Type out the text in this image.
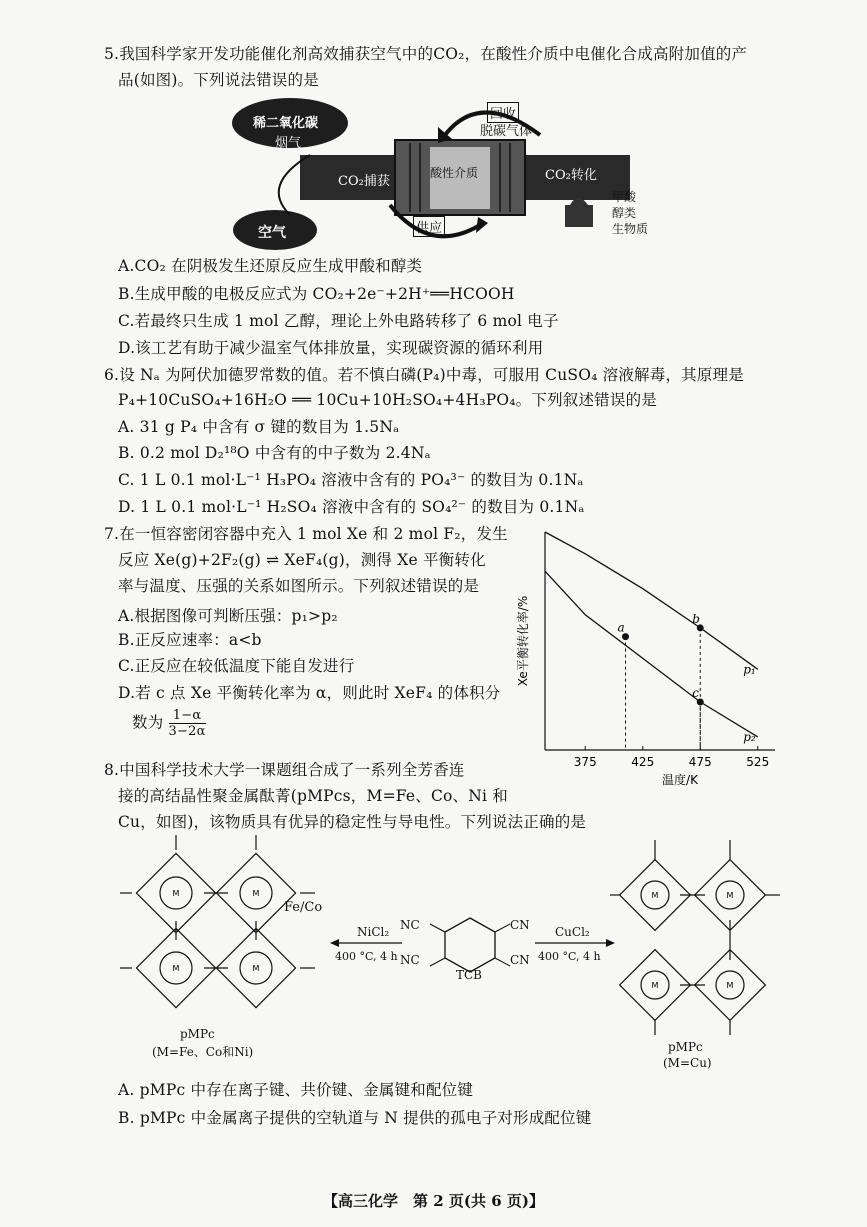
5.我国科学家开发功能催化剂高效捕获空气中的CO₂，在酸性介质中电催化合成高附加值的产
品(如图)。下列说法错误的是
稀二氧化碳
烟气
空气
CO₂捕获
酸性介质	CO₂转化
回收
脱碳气体
供应
甲酸
醇类
生物质
A.CO₂ 在阴极发生还原反应生成甲酸和醇类
B.生成甲酸的电极反应式为 CO₂+2e⁻+2H⁺══HCOOH
C.若最终只生成 1 mol 乙醇，理论上外电路转移了 6 mol 电子
D.该工艺有助于减少温室气体排放量，实现碳资源的循环利用
6.设 Nₐ 为阿伏加德罗常数的值。若不慎白磷(P₄)中毒，可服用 CuSO₄ 溶液解毒，其原理是
P₄+10CuSO₄+16H₂O ══ 10Cu+10H₂SO₄+4H₃PO₄。下列叙述错误的是
A. 31 g P₄ 中含有 σ 键的数目为 1.5Nₐ
B. 0.2 mol D₂¹⁸O 中含有的中子数为 2.4Nₐ
C. 1 L 0.1 mol·L⁻¹ H₃PO₄ 溶液中含有的 PO₄³⁻ 的数目为 0.1Nₐ
D. 1 L 0.1 mol·L⁻¹ H₂SO₄ 溶液中含有的 SO₄²⁻ 的数目为 0.1Nₐ
7.在一恒容密闭容器中充入 1 mol Xe 和 2 mol F₂，发生
反应 Xe(g)+2F₂(g) ⇌ XeF₄(g)，测得 Xe 平衡转化
率与温度、压强的关系如图所示。下列叙述错误的是
A.根据图像可判断压强：p₁>p₂
B.正反应速率：a<b
C.正反应在较低温度下能自发进行
D.若 c 点 Xe 平衡转化率为 α，则此时 XeF₄ 的体积分
数为 $\frac{1-\alpha}{3-2\alpha}$
375	425	475	525
温度/K
Xe平衡转化率/%	p₁
p₂
a
b
c
8.中国科学技术大学一课题组合成了一系列全芳香连
接的高结晶性聚金属酞菁(pMPcs，M=Fe、Co、Ni 和
Cu，如图)，该物质具有优异的稳定性与导电性。下列说法正确的是
M	M
M	M
Fe/Co
pMPc
(M=Fe、Co和Ni)
NiCl₂
400 °C, 4 h
NC
NC
CN
CN
TCB
CuCl₂
400 °C, 4 h
M	M
M	M
pMPc
(M=Cu)
A. pMPc 中存在离子键、共价键、金属键和配位键
B. pMPc 中金属离子提供的空轨道与 N 提供的孤电子对形成配位键
【高三化学　第 2 页(共 6 页)】
